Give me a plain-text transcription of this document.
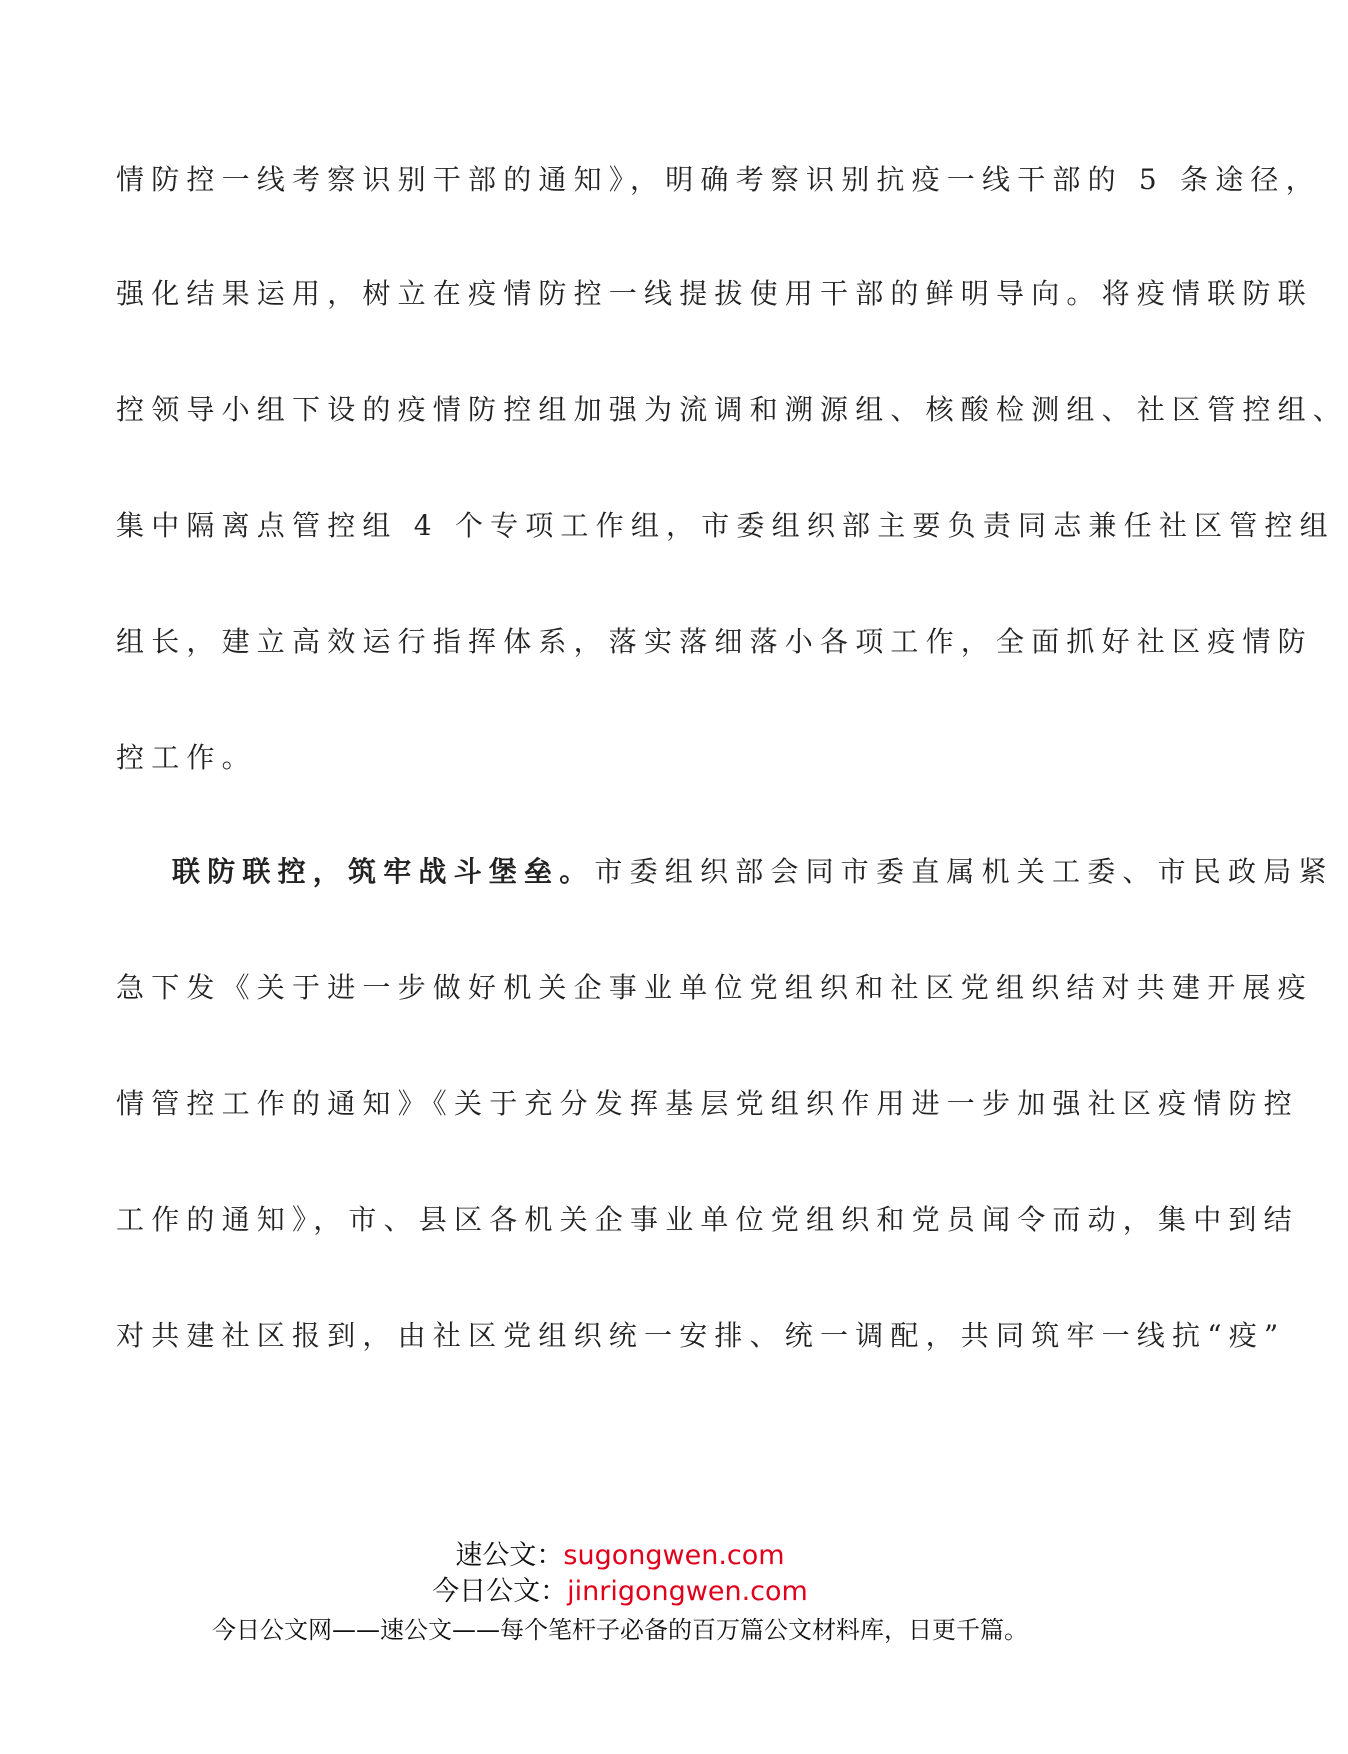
情防控一线考察识别干部的通知》，明确考察识别抗疫一线干部的 5 条途径，
强化结果运用，树立在疫情防控一线提拔使用干部的鲜明导向。将疫情联防联
控领导小组下设的疫情防控组加强为流调和溯源组、核酸检测组、社区管控组、
集中隔离点管控组 4 个专项工作组，市委组织部主要负责同志兼任社区管控组
组长，建立高效运行指挥体系，落实落细落小各项工作，全面抓好社区疫情防
控工作。
联防联控，筑牢战斗堡垒。市委组织部会同市委直属机关工委、市民政局紧
急下发《关于进一步做好机关企事业单位党组织和社区党组织结对共建开展疫
情管控工作的通知》《关于充分发挥基层党组织作用进一步加强社区疫情防控
工作的通知》，市、县区各机关企事业单位党组织和党员闻令而动，集中到结
对共建社区报到，由社区党组织统一安排、统一调配，共同筑牢一线抗“疫”
速公文：sugongwen.com
今日公文：jinrigongwen.com
今日公文网——速公文——每个笔杆子必备的百万篇公文材料库，日更千篇。
